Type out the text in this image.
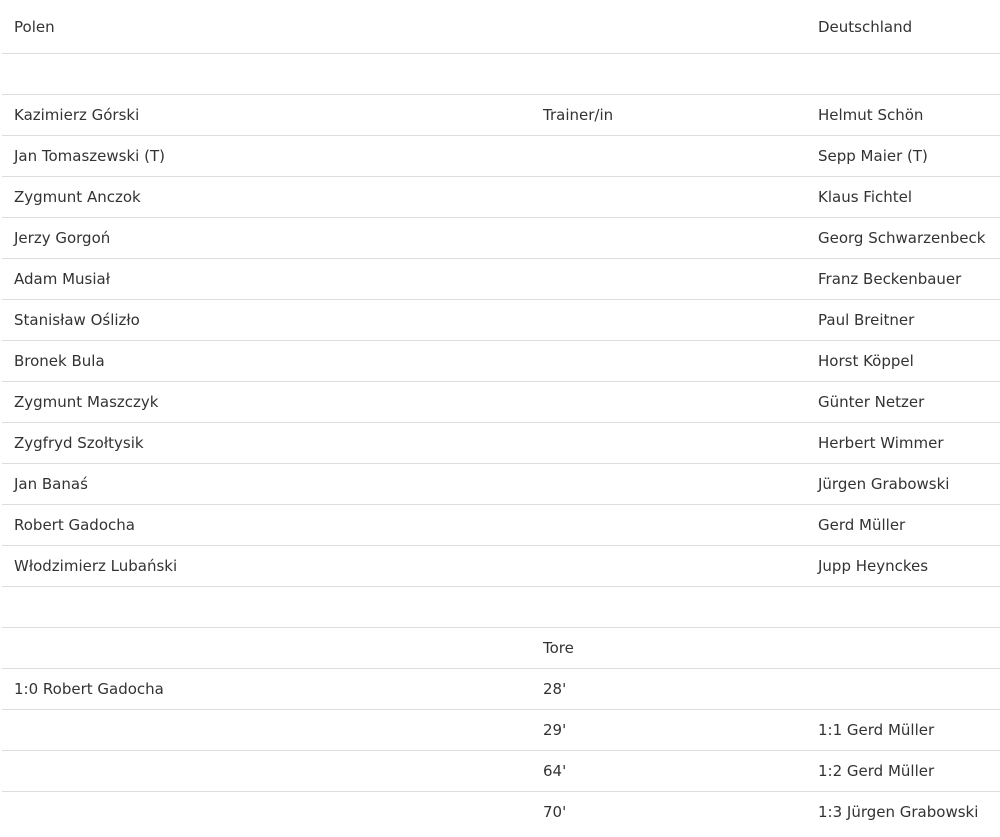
Polen		Deutschland

Kazimierz Górski	Trainer/in	Helmut Schön
Jan Tomaszewski (T)		Sepp Maier (T)
Zygmunt Anczok		Klaus Fichtel
Jerzy Gorgoń		Georg Schwarzenbeck
Adam Musiał		Franz Beckenbauer
Stanisław Oślizło		Paul Breitner
Bronek Bula		Horst Köppel
Zygmunt Maszczyk		Günter Netzer
Zygfryd Szołtysik		Herbert Wimmer
Jan Banaś		Jürgen Grabowski
Robert Gadocha		Gerd Müller
Włodzimierz Lubański		Jupp Heynckes

	Tore	
1:0 Robert Gadocha	28'	
	29'	1:1 Gerd Müller
	64'	1:2 Gerd Müller
	70'	1:3 Jürgen Grabowski
